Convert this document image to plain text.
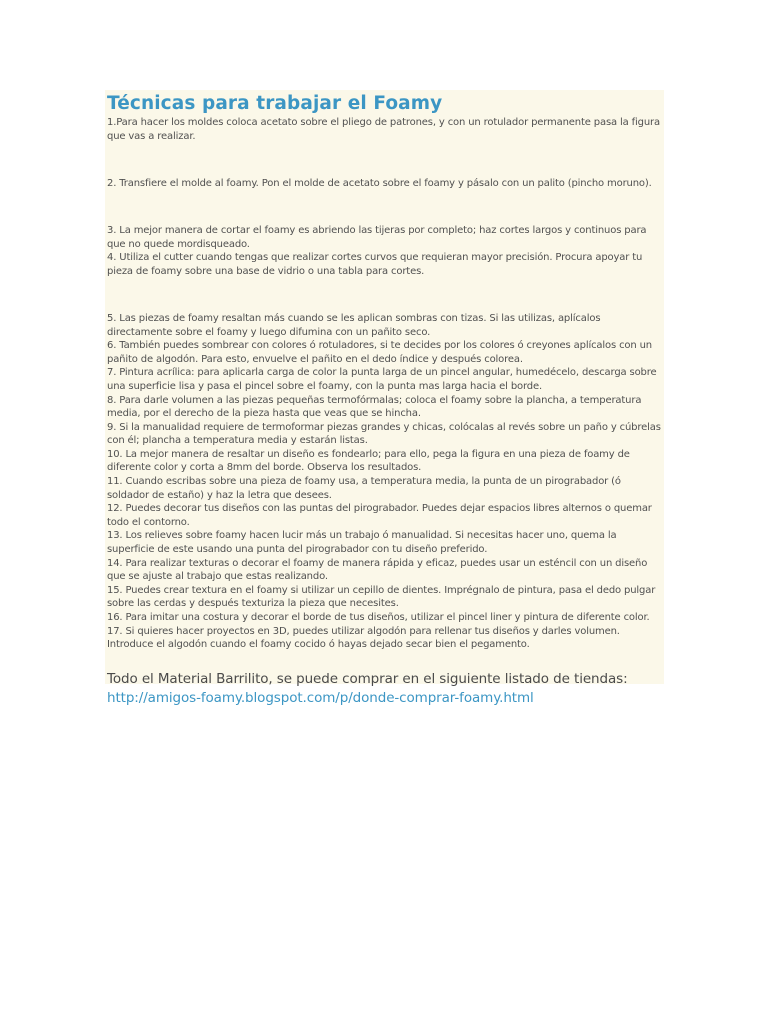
Técnicas para trabajar el Foamy

1.Para hacer los moldes coloca acetato sobre el pliego de patrones, y con un rotulador permanente pasa la figura que vas a realizar.

2. Transfiere el molde al foamy. Pon el molde de acetato sobre el foamy y pásalo con un palito (pincho moruno).

3. La mejor manera de cortar el foamy es abriendo las tijeras por completo; haz cortes largos y continuos para que no quede mordisqueado.

4. Utiliza el cutter cuando tengas que realizar cortes curvos que requieran mayor precisión. Procura apoyar tu pieza de foamy sobre una base de vidrio o una tabla para cortes.

5. Las piezas de foamy resaltan más cuando se les aplican sombras con tizas. Si las utilizas, aplícalos directamente sobre el foamy y luego difumina con un pañito seco.

6. También puedes sombrear con colores ó rotuladores, si te decides por los colores ó creyones aplícalos con un pañito de algodón. Para esto, envuelve el pañito en el dedo índice y después colorea.

7. Pintura acrílica: para aplicarla carga de color la punta larga de un pincel angular, humedécelo, descarga sobre una superficie lisa y pasa el pincel sobre el foamy, con la punta mas larga hacia el borde.

8. Para darle volumen a las piezas pequeñas termofórmalas; coloca el foamy sobre la plancha, a temperatura media, por el derecho de la pieza hasta que veas que se hincha.

9. Si la manualidad requiere de termoformar piezas grandes y chicas, colócalas al revés sobre un paño y cúbrelas con él; plancha a temperatura media y estarán listas.

10. La mejor manera de resaltar un diseño es fondearlo; para ello, pega la figura en una pieza de foamy de diferente color y corta a 8mm del borde. Observa los resultados.

11. Cuando escribas sobre una pieza de foamy usa, a temperatura media, la punta de un pirograbador (ó soldador de estaño) y haz la letra que desees.

12. Puedes decorar tus diseños con las puntas del pirograbador. Puedes dejar espacios libres alternos o quemar todo el contorno.

13. Los relieves sobre foamy hacen lucir más un trabajo ó manualidad. Si necesitas hacer uno, quema la superficie de este usando una punta del pirograbador con tu diseño preferido.

14. Para realizar texturas o decorar el foamy de manera rápida y eficaz, puedes usar un esténcil con un diseño que se ajuste al trabajo que estas realizando.

15. Puedes crear textura en el foamy si utilizar un cepillo de dientes. Imprégnalo de pintura, pasa el dedo pulgar sobre las cerdas y después texturiza la pieza que necesites.

16. Para imitar una costura y decorar el borde de tus diseños, utilizar el pincel liner y pintura de diferente color.

17. Si quieres hacer proyectos en 3D, puedes utilizar algodón para rellenar tus diseños y darles volumen. Introduce el algodón cuando el foamy cocido ó hayas dejado secar bien el pegamento.

Todo el Material Barrilito, se puede comprar en el siguiente listado de tiendas: http://amigos-foamy.blogspot.com/p/donde-comprar-foamy.html
